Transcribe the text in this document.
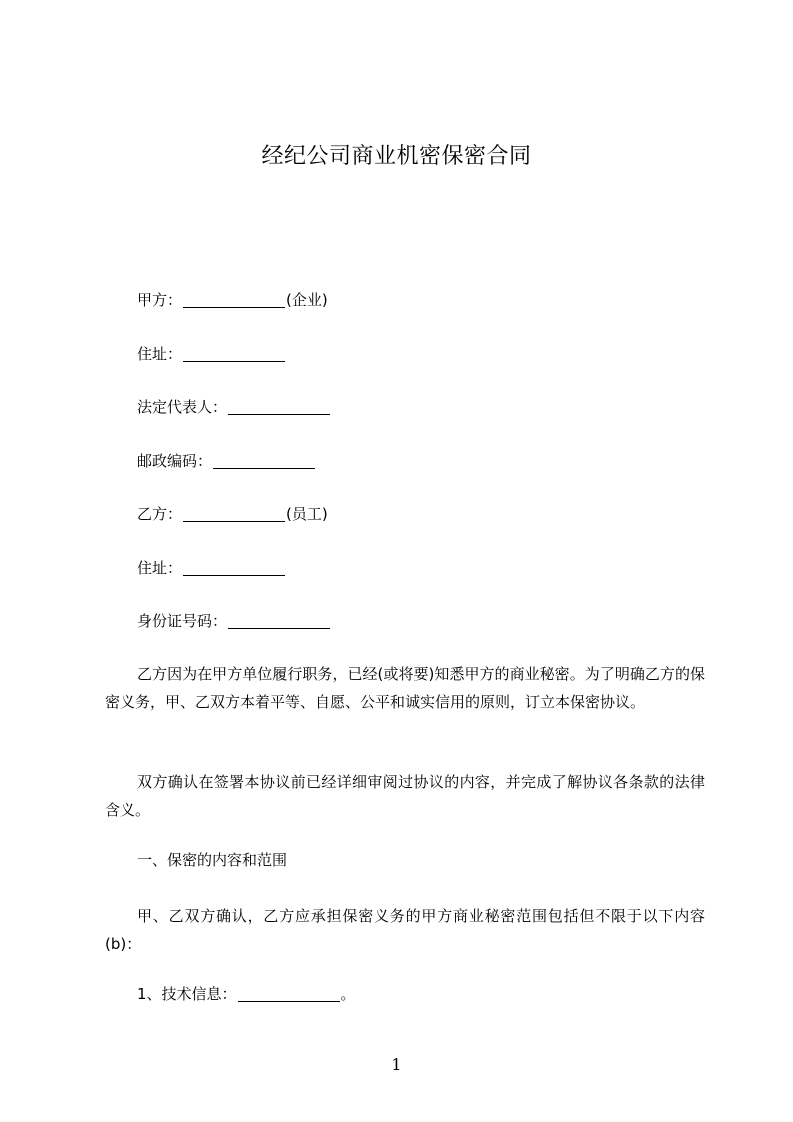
经纪公司商业机密保密合同
甲方：	(企业)
住址：
法定代表人：
邮政编码：
乙方：	(员工)
住址：
身份证号码：
乙方因为在甲方单位履行职务，已经(或将要)知悉甲方的商业秘密。为了明确乙方的保密义务，甲、乙双方本着平等、自愿、公平和诚实信用的原则，订立本保密协议。
双方确认在签署本协议前已经详细审阅过协议的内容，并完成了解协议各条款的法律含义。
一、保密的内容和范围
甲、乙双方确认，乙方应承担保密义务的甲方商业秘密范围包括但不限于以下内容(b)：
1、技术信息：	。
1
